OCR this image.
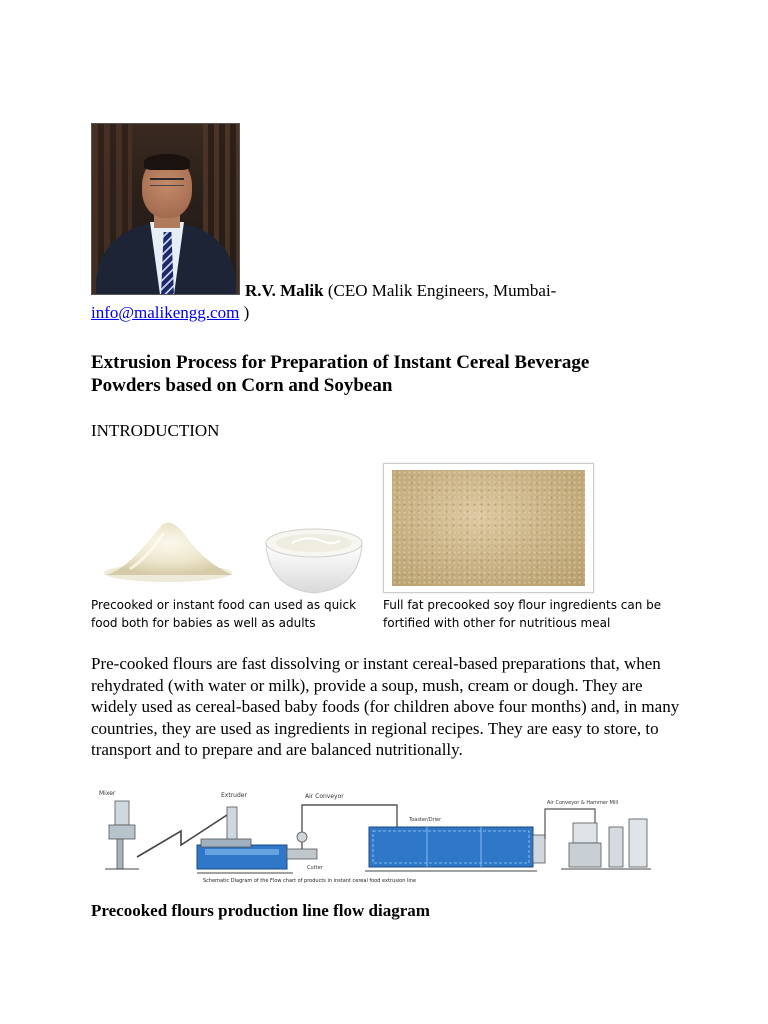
R.V. Malik (CEO Malik Engineers, Mumbai-
info@malikengg.com )
Extrusion Process for Preparation of Instant Cereal Beverage Powders based on Corn and Soybean
INTRODUCTION
Precooked or instant food can used as quick food both for babies as well as adults
Full fat precooked soy flour ingredients can be fortified with other for nutritious meal

Pre-cooked flours are fast dissolving or instant cereal-based preparations that, when rehydrated (with water or milk), provide a soup, mush, cream or dough. They are widely used as cereal-based baby foods (for children above four months) and, in many countries, they are used as ingredients in regional recipes. They are easy to store, to transport and to prepare and are balanced nutritionally.

Mixer	Extruder	Air Conveyor
Toaster/Drier
Air Conveyor & Hammer Mill
Cutter
Schematic Diagram of the Flow chart of products in instant cereal food extrusion line
Precooked flours production line flow diagram
